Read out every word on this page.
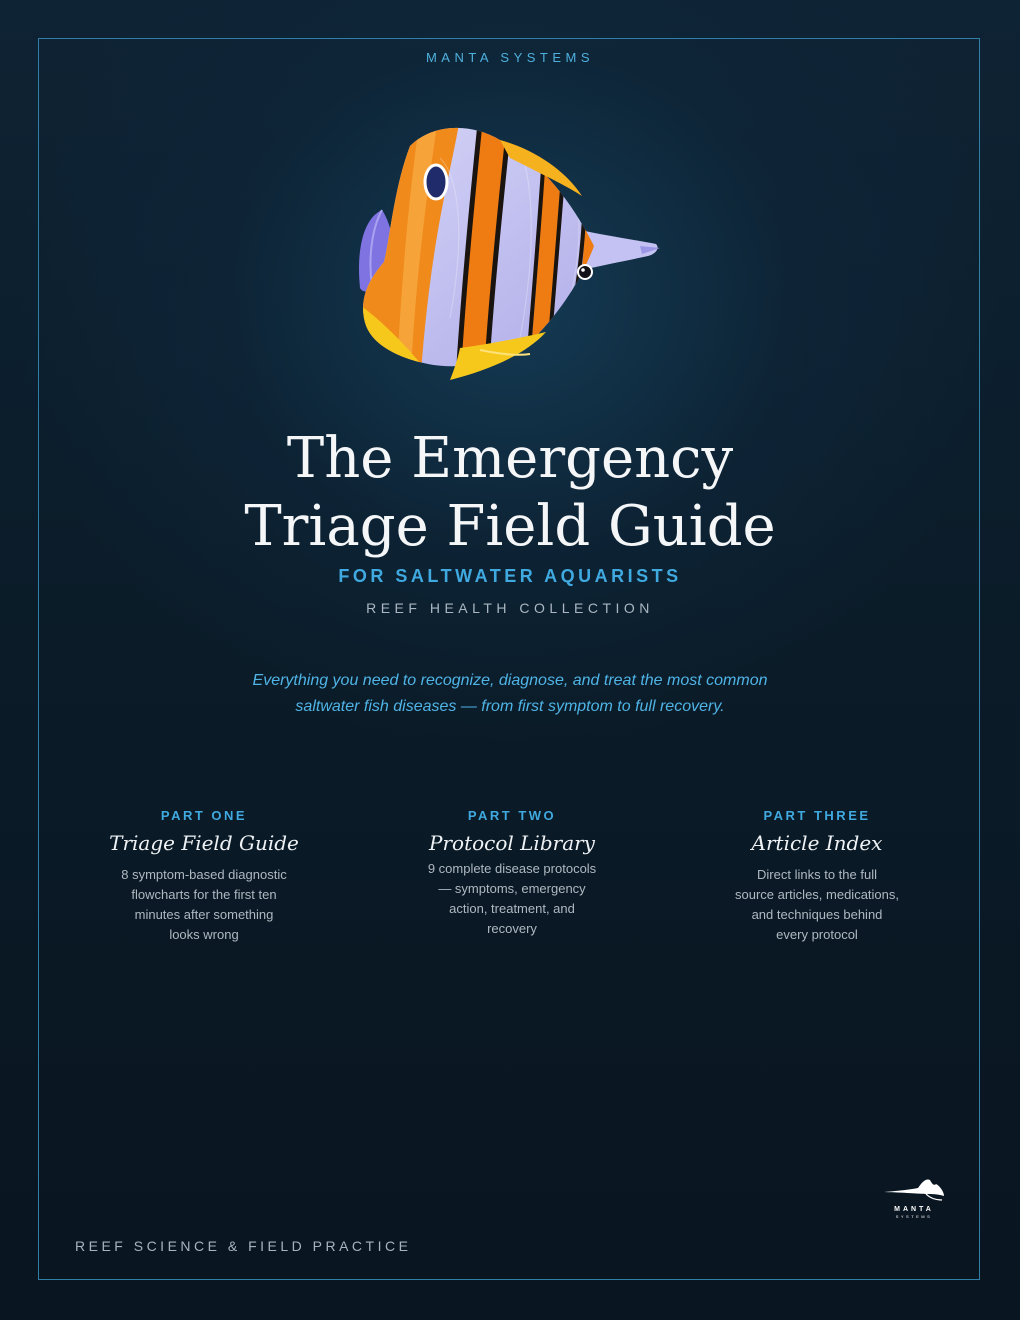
MANTA SYSTEMS
The Emergency
Triage Field Guide
FOR SALTWATER AQUARISTS
REEF HEALTH COLLECTION
Everything you need to recognize, diagnose, and treat the most common
saltwater fish diseases — from first symptom to full recovery.
PART ONE
Triage Field Guide
8 symptom-based diagnostic
flowcharts for the first ten
minutes after something
looks wrong
PART TWO
Protocol Library
9 complete disease protocols
— symptoms, emergency
action, treatment, and
recovery
PART THREE
Article Index
Direct links to the full
source articles, medications,
and techniques behind
every protocol
REEF SCIENCE & FIELD PRACTICE
MANTA
SYSTEMS
